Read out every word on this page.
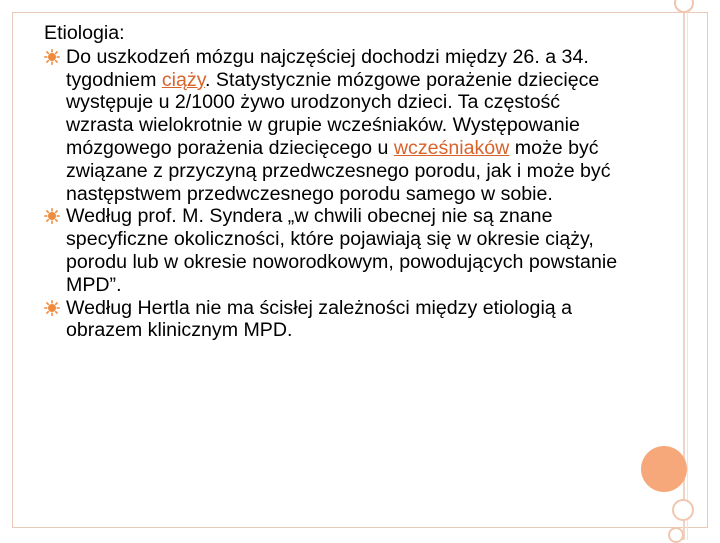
Etiologia:
Do uszkodzeń mózgu najczęściej dochodzi między 26. a 34. tygodniem ciąży. Statystycznie mózgowe porażenie dziecięce występuje u 2/1000 żywo urodzonych dzieci. Ta częstość wzrasta wielokrotnie w grupie wcześniaków. Występowanie mózgowego porażenia dziecięcego u wcześniaków może być związane z przyczyną przedwczesnego porodu, jak i może być następstwem przedwczesnego porodu samego w sobie.
Według prof. M. Syndera „w chwili obecnej nie są znane specyficzne okoliczności, które pojawiają się w okresie ciąży, porodu lub w okresie noworodkowym, powodujących powstanie MPD”.
Według Hertla nie ma ścisłej zależności między etiologią a obrazem klinicznym MPD.
